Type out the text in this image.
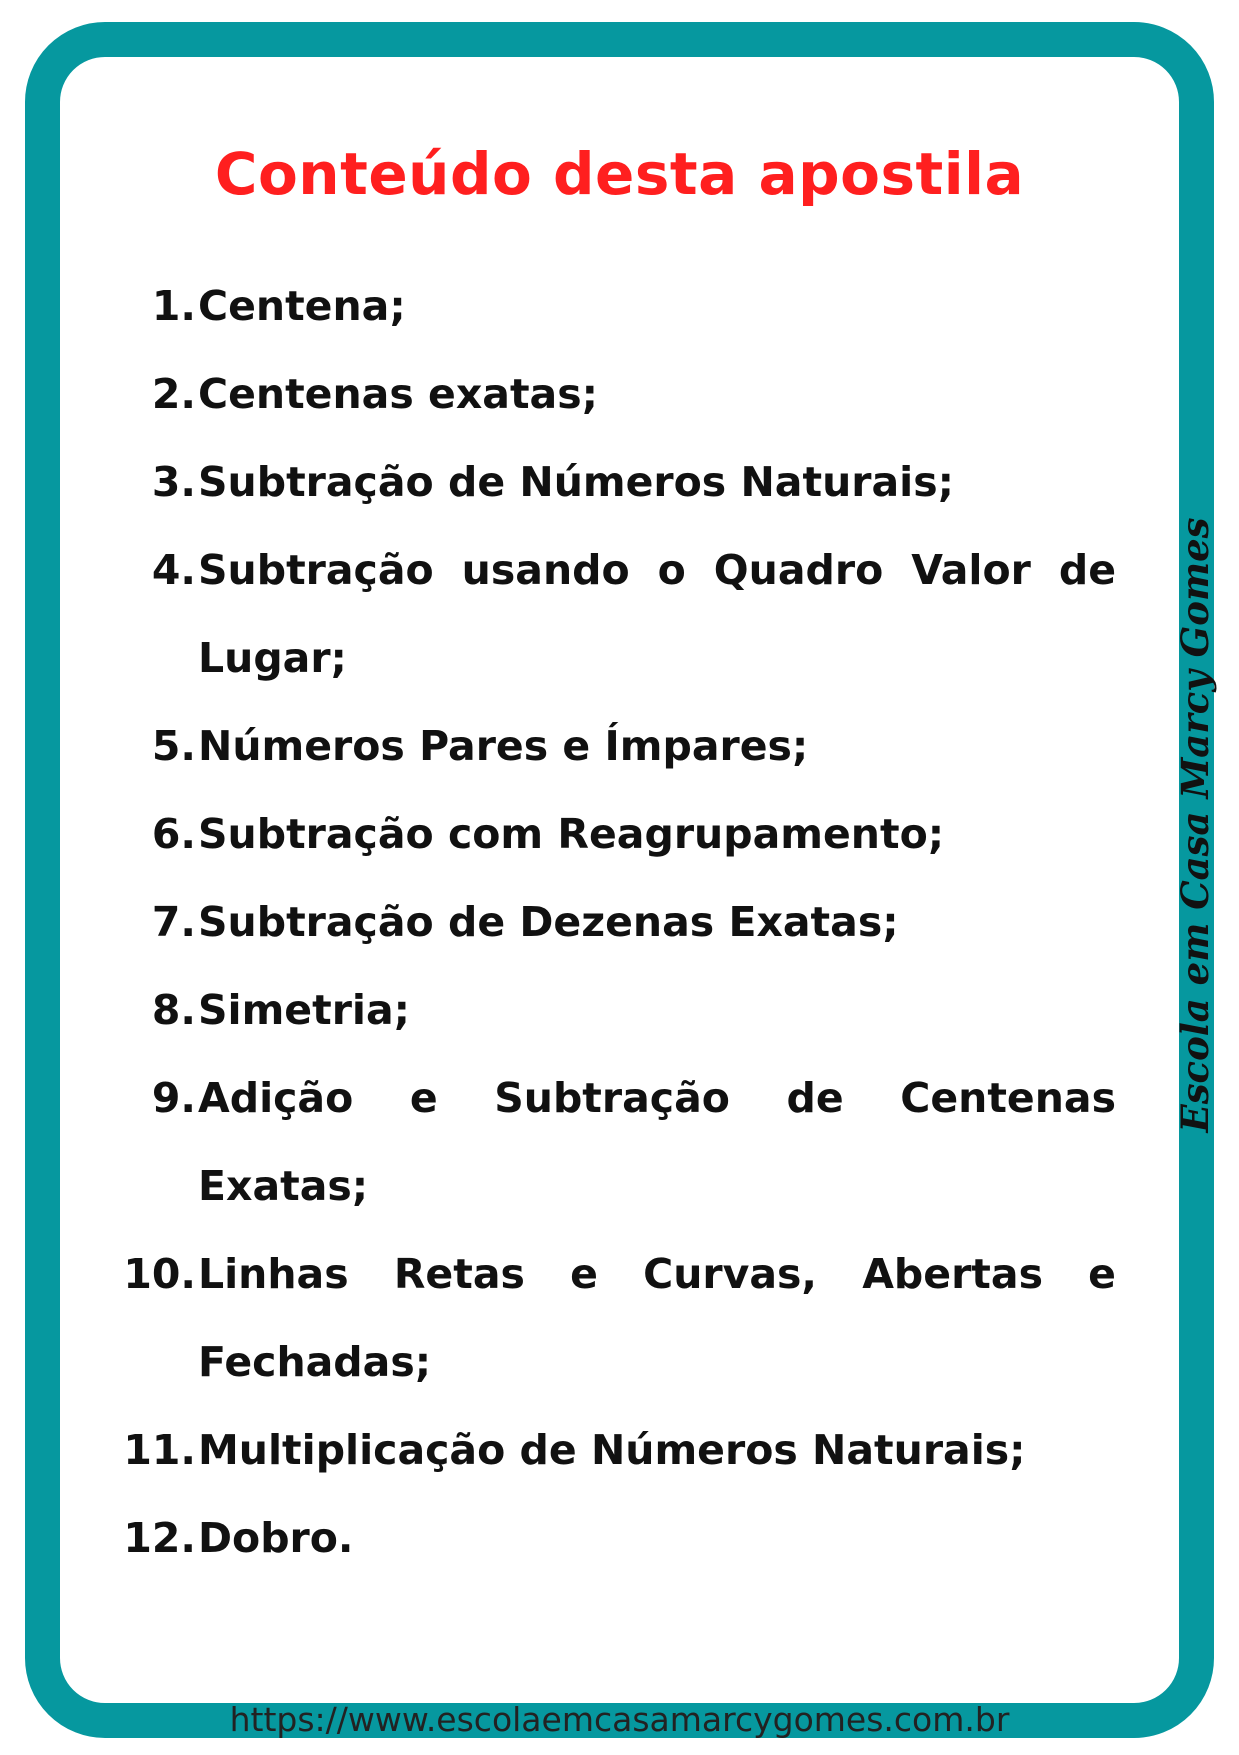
Conteúdo desta apostila
1. Centena;
2. Centenas exatas;
3. Subtração de Números Naturais;
4. Subtração usando o Quadro Valor de Lugar;
5. Números Pares e Ímpares;
6. Subtração com Reagrupamento;
7. Subtração de Dezenas Exatas;
8. Simetria;
9. Adição e Subtração de Centenas Exatas;
10. Linhas Retas e Curvas, Abertas e Fechadas;
11. Multiplicação de Números Naturais;
12. Dobro.
Escola em Casa Marcy Gomes
https://www.escolaemcasamarcygomes.com.br
